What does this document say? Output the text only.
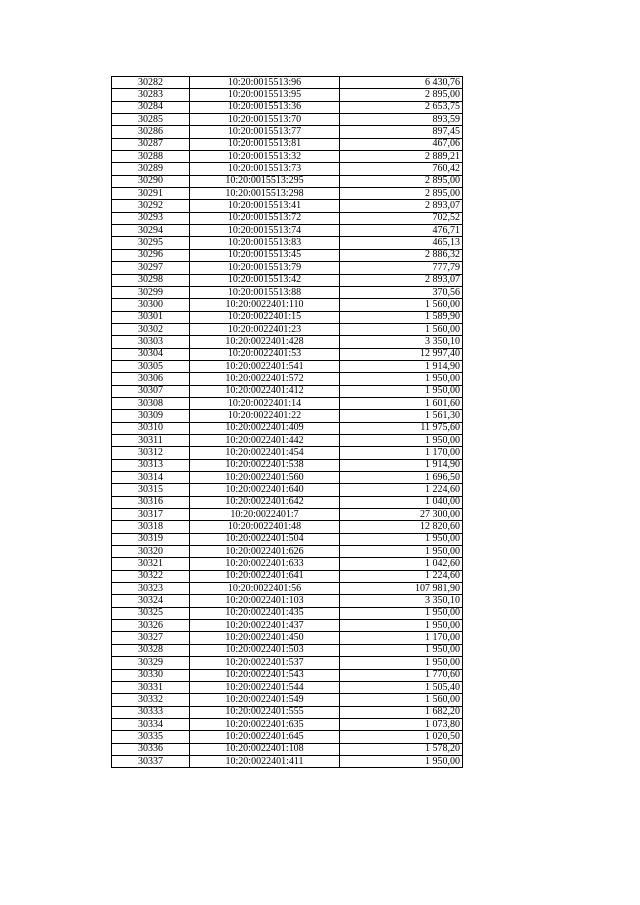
30282	10:20:0015513:96	6 430,76
30283	10:20:0015513:95	2 895,00
30284	10:20:0015513:36	2 653,75
30285	10:20:0015513:70	893,59
30286	10:20:0015513:77	897,45
30287	10:20:0015513:81	467,06
30288	10:20:0015513:32	2 889,21
30289	10:20:0015513:73	760,42
30290	10:20:0015513:295	2 895,00
30291	10:20:0015513:298	2 895,00
30292	10:20:0015513:41	2 893,07
30293	10:20:0015513:72	702,52
30294	10:20:0015513:74	476,71
30295	10:20:0015513:83	465,13
30296	10:20:0015513:45	2 886,32
30297	10:20:0015513:79	777,79
30298	10:20:0015513:42	2 893,07
30299	10:20:0015513:88	370,56
30300	10:20:0022401:110	1 560,00
30301	10:20:0022401:15	1 589,90
30302	10:20:0022401:23	1 560,00
30303	10:20:0022401:428	3 350,10
30304	10:20:0022401:53	12 997,40
30305	10:20:0022401:541	1 914,90
30306	10:20:0022401:572	1 950,00
30307	10:20:0022401:412	1 950,00
30308	10:20:0022401:14	1 601,60
30309	10:20:0022401:22	1 561,30
30310	10:20:0022401:409	11 975,60
30311	10:20:0022401:442	1 950,00
30312	10:20:0022401:454	1 170,00
30313	10:20:0022401:538	1 914,90
30314	10:20:0022401:560	1 696,50
30315	10:20:0022401:640	1 224,60
30316	10:20:0022401:642	1 040,00
30317	10:20:0022401:7	27 300,00
30318	10:20:0022401:48	12 820,60
30319	10:20:0022401:504	1 950,00
30320	10:20:0022401:626	1 950,00
30321	10:20:0022401:633	1 042,60
30322	10:20:0022401:641	1 224,60
30323	10:20:0022401:56	107 981,90
30324	10:20:0022401:103	3 350,10
30325	10:20:0022401:435	1 950,00
30326	10:20:0022401:437	1 950,00
30327	10:20:0022401:450	1 170,00
30328	10:20:0022401:503	1 950,00
30329	10:20:0022401:537	1 950,00
30330	10:20:0022401:543	1 770,60
30331	10:20:0022401:544	1 505,40
30332	10:20:0022401:549	1 560,00
30333	10:20:0022401:555	1 682,20
30334	10:20:0022401:635	1 073,80
30335	10:20:0022401:645	1 020,50
30336	10:20:0022401:108	1 578,20
30337	10:20:0022401:411	1 950,00
